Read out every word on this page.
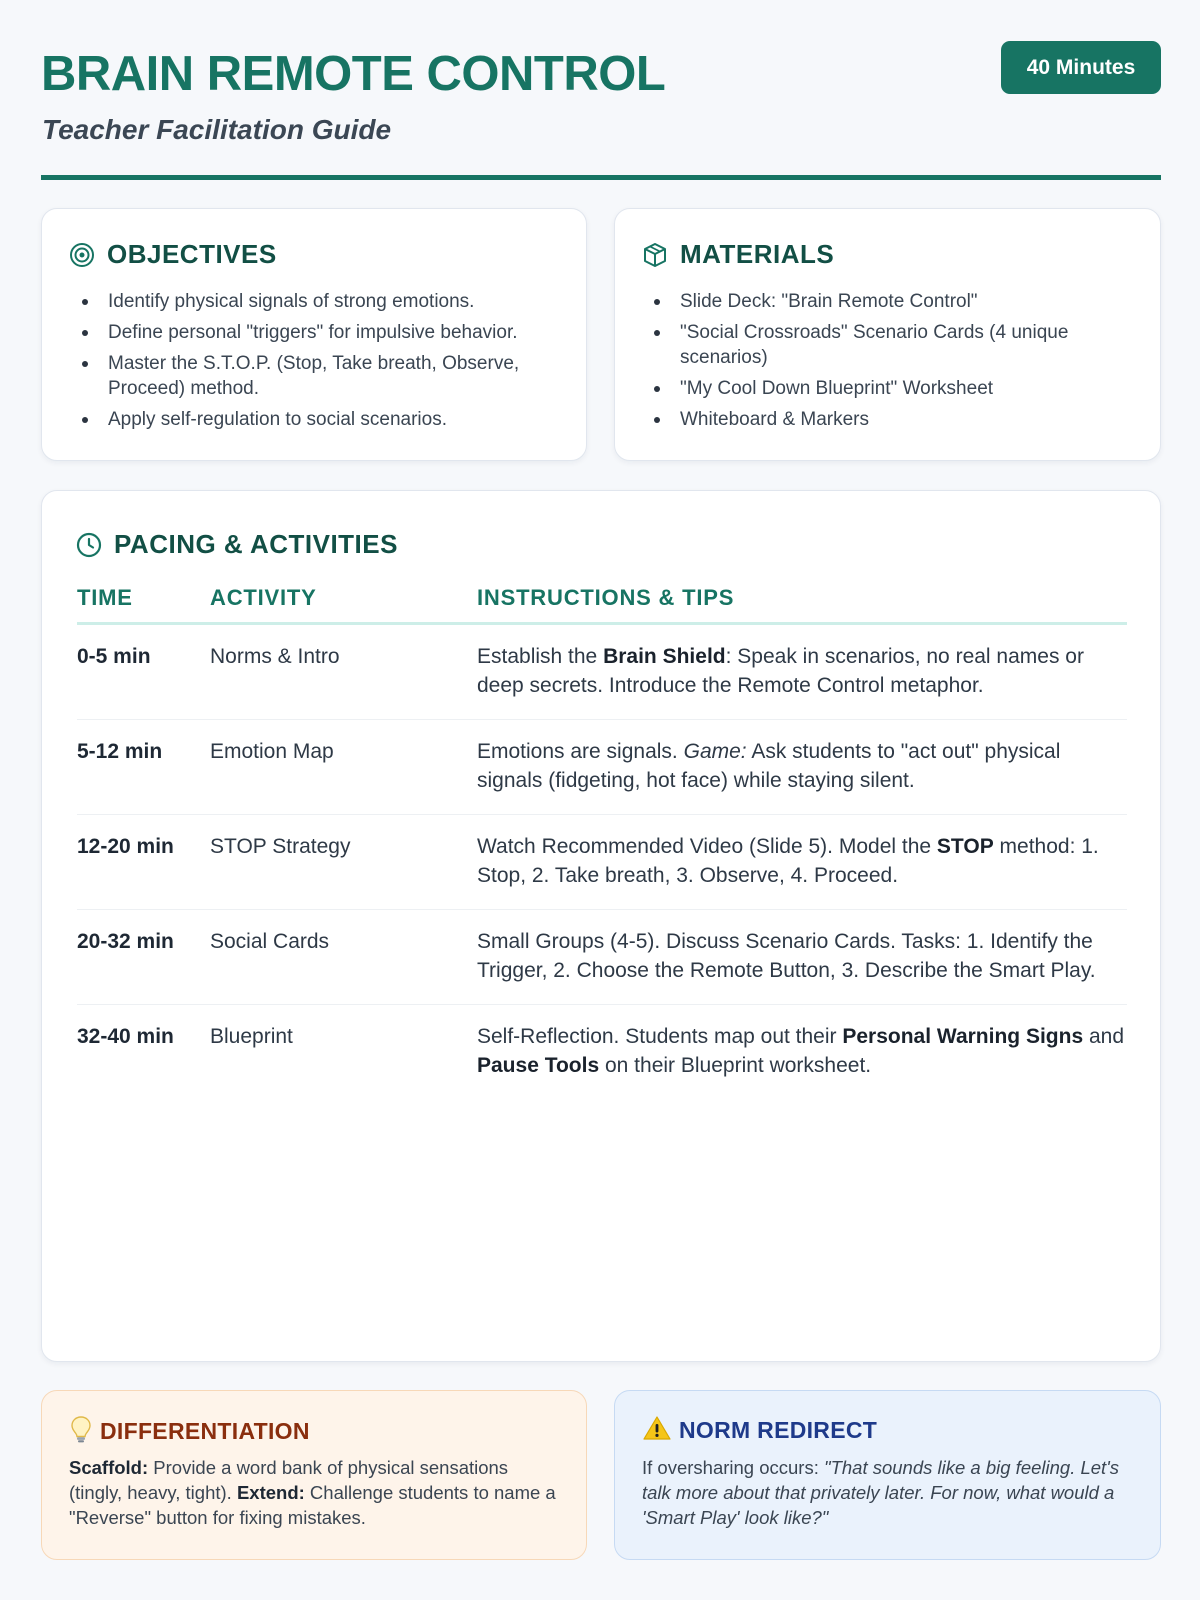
BRAIN REMOTE CONTROL
Teacher Facilitation Guide
40 Minutes
OBJECTIVES
Identify physical signals of strong emotions.
Define personal "triggers" for impulsive behavior.
Master the S.T.O.P. (Stop, Take breath, Observe, Proceed) method.
Apply self-regulation to social scenarios.
MATERIALS
Slide Deck: "Brain Remote Control"
"Social Crossroads" Scenario Cards (4 unique scenarios)
"My Cool Down Blueprint" Worksheet
Whiteboard & Markers
PACING & ACTIVITIES
TIME	ACTIVITY	INSTRUCTIONS & TIPS
0-5 min	Norms & Intro	Establish the Brain Shield: Speak in scenarios, no real names or deep secrets. Introduce the Remote Control metaphor.
5-12 min Emotion Map	Emotions are signals. Game: Ask students to "act out" physical signals (fidgeting, hot face) while staying silent.
12-20 min STOP Strategy	Watch Recommended Video (Slide 5). Model the STOP method: 1. Stop, 2. Take breath, 3. Observe, 4. Proceed.
20-32 min Social Cards	Small Groups (4-5). Discuss Scenario Cards. Tasks: 1. Identify the Trigger, 2. Choose the Remote Button, 3. Describe the Smart Play.
32-40 min Blueprint	Self-Reflection. Students map out their Personal Warning Signs and Pause Tools on their Blueprint worksheet.
DIFFERENTIATION
Scaffold: Provide a word bank of physical sensations (tingly, heavy, tight). Extend: Challenge students to name a "Reverse" button for fixing mistakes.
NORM REDIRECT
If oversharing occurs: "That sounds like a big feeling. Let's talk more about that privately later. For now, what would a 'Smart Play' look like?"
